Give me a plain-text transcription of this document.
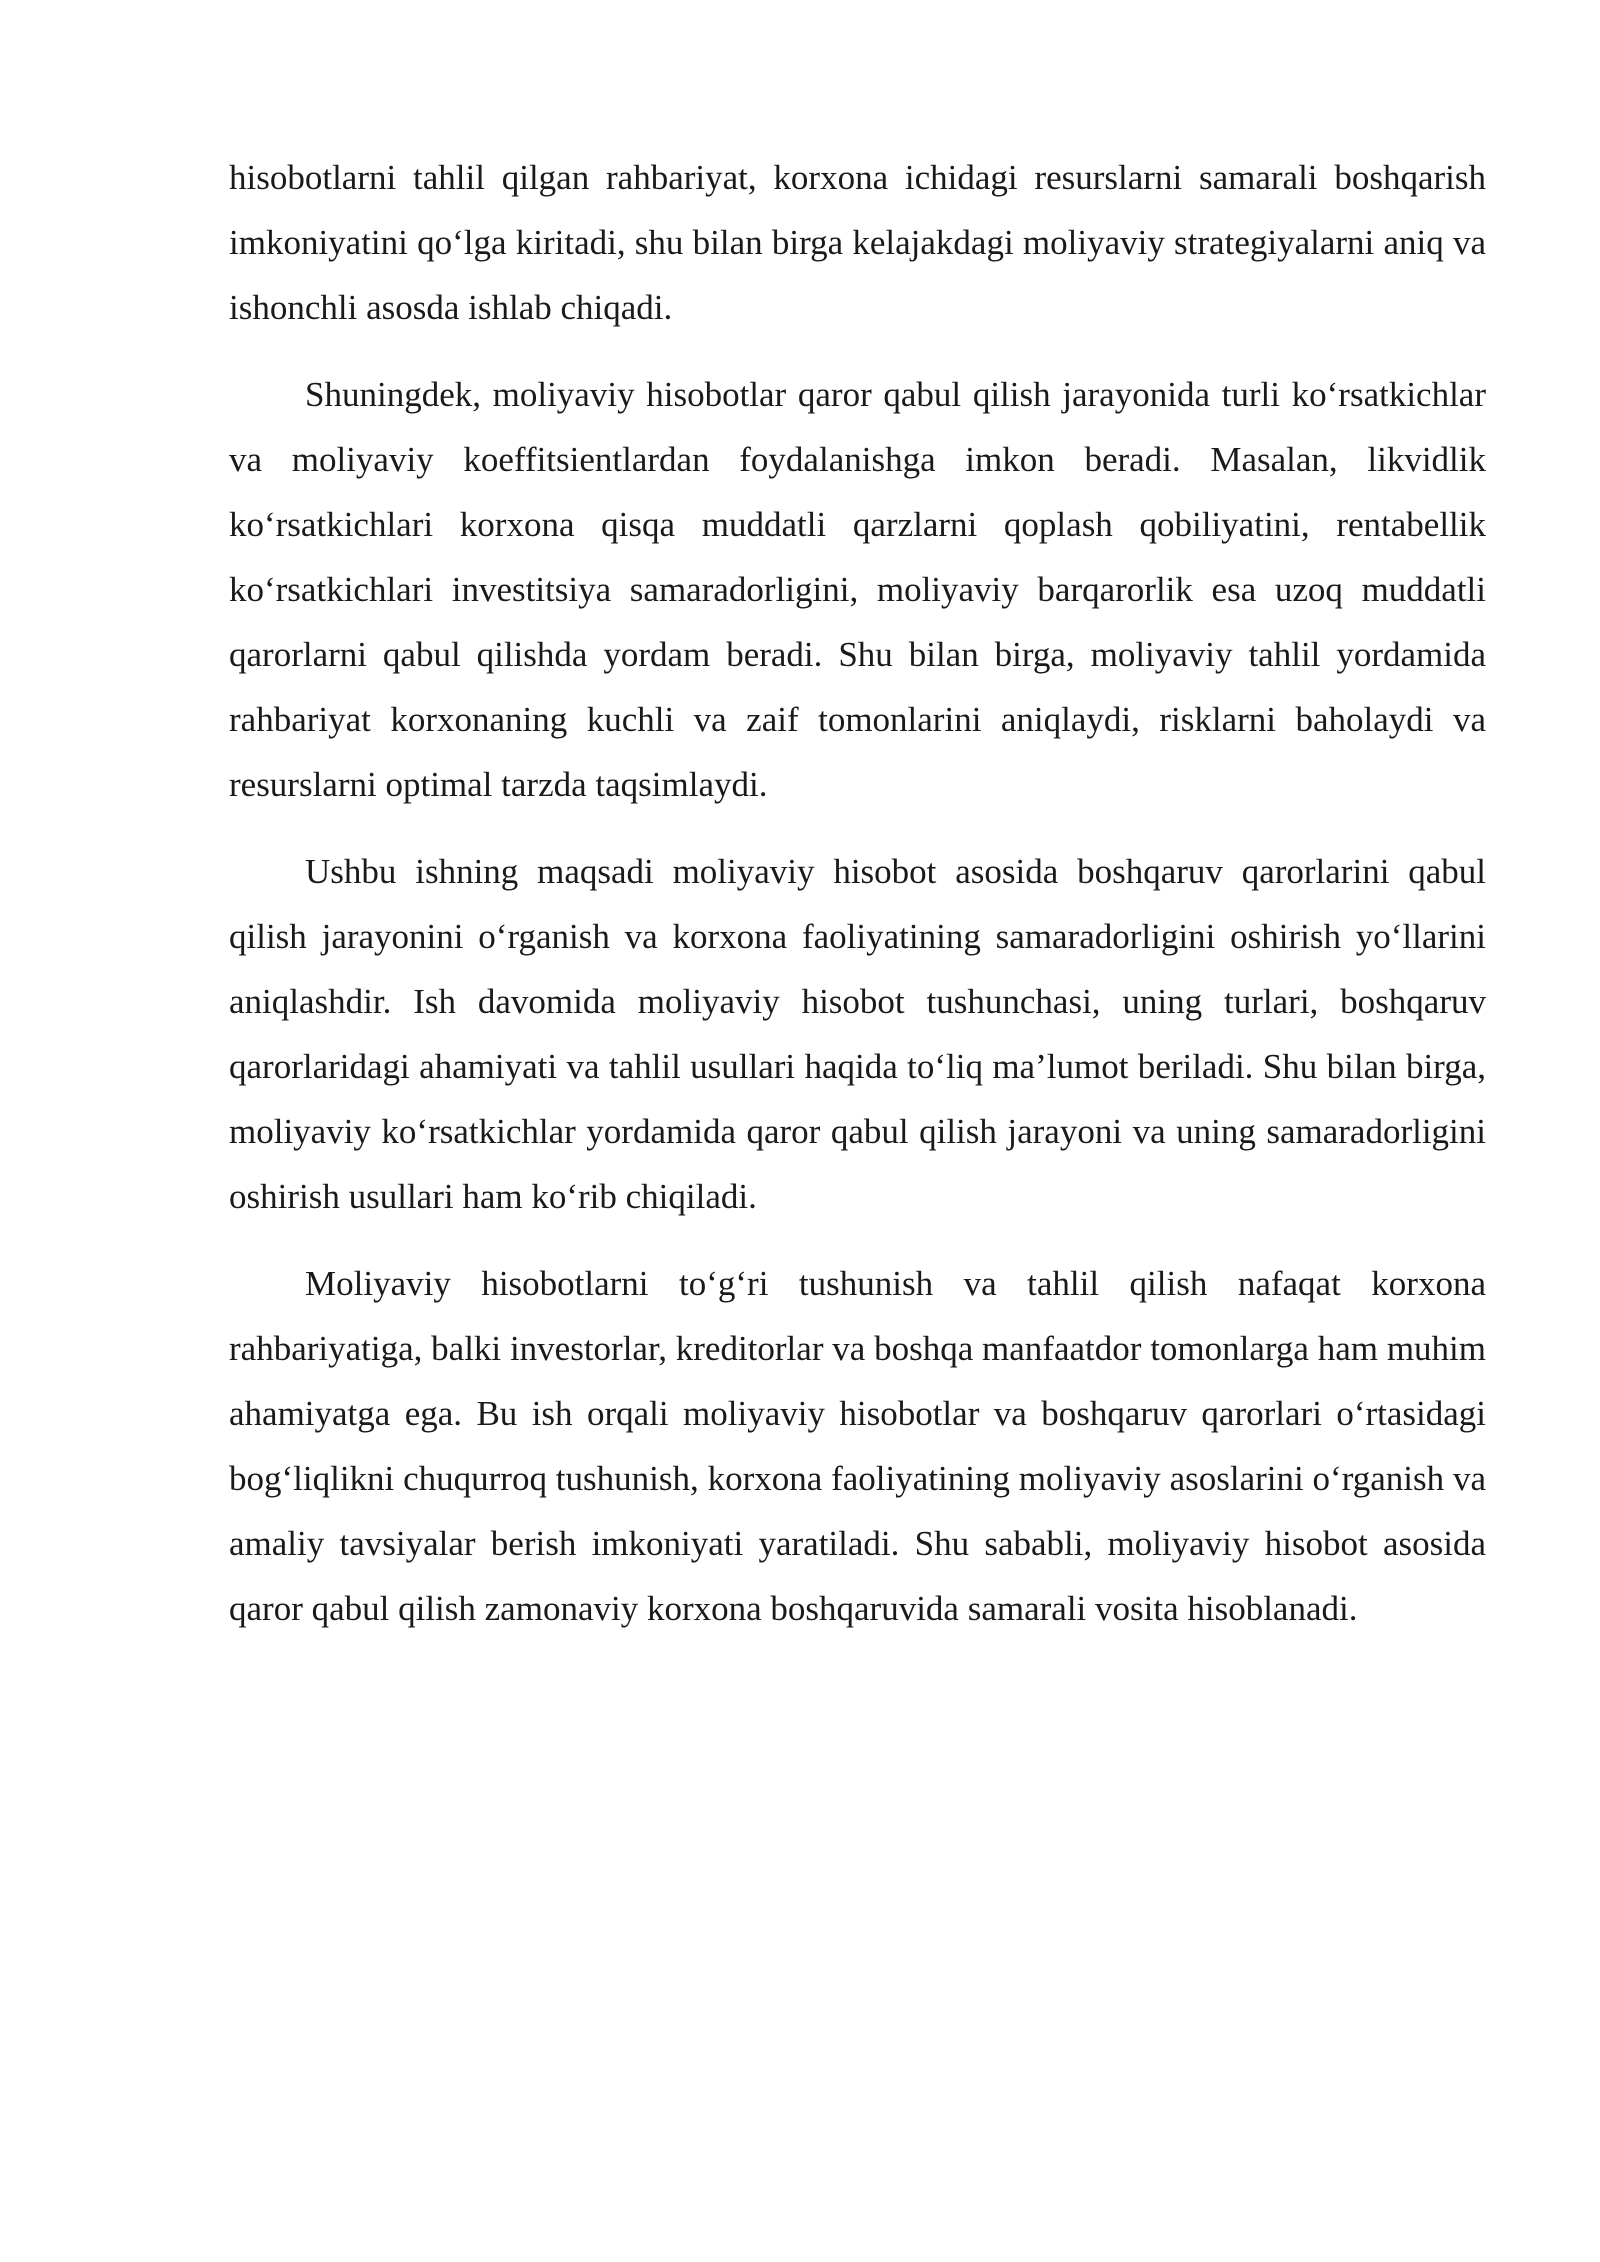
hisobotlarni tahlil qilgan rahbariyat, korxona ichidagi resurslarni samarali boshqarish imkoniyatini qo‘lga kiritadi, shu bilan birga kelajakdagi moliyaviy strategiyalarni aniq va ishonchli asosda ishlab chiqadi.

Shuningdek, moliyaviy hisobotlar qaror qabul qilish jarayonida turli ko‘rsatkichlar va moliyaviy koeffitsientlardan foydalanishga imkon beradi. Masalan, likvidlik ko‘rsatkichlari korxona qisqa muddatli qarzlarni qoplash qobiliyatini, rentabellik ko‘rsatkichlari investitsiya samaradorligini, moliyaviy barqarorlik esa uzoq muddatli qarorlarni qabul qilishda yordam beradi. Shu bilan birga, moliyaviy tahlil yordamida rahbariyat korxonaning kuchli va zaif tomonlarini aniqlaydi, risklarni baholaydi va resurslarni optimal tarzda taqsimlaydi.

Ushbu ishning maqsadi moliyaviy hisobot asosida boshqaruv qarorlarini qabul qilish jarayonini o‘rganish va korxona faoliyatining samaradorligini oshirish yo‘llarini aniqlashdir. Ish davomida moliyaviy hisobot tushunchasi, uning turlari, boshqaruv qarorlaridagi ahamiyati va tahlil usullari haqida to‘liq ma’lumot beriladi. Shu bilan birga, moliyaviy ko‘rsatkichlar yordamida qaror qabul qilish jarayoni va uning samaradorligini oshirish usullari ham ko‘rib chiqiladi.

Moliyaviy hisobotlarni to‘g‘ri tushunish va tahlil qilish nafaqat korxona rahbariyatiga, balki investorlar, kreditorlar va boshqa manfaatdor tomonlarga ham muhim ahamiyatga ega. Bu ish orqali moliyaviy hisobotlar va boshqaruv qarorlari o‘rtasidagi bog‘liqlikni chuqurroq tushunish, korxona faoliyatining moliyaviy asoslarini o‘rganish va amaliy tavsiyalar berish imkoniyati yaratiladi. Shu sababli, moliyaviy hisobot asosida qaror qabul qilish zamonaviy korxona boshqaruvida samarali vosita hisoblanadi.
